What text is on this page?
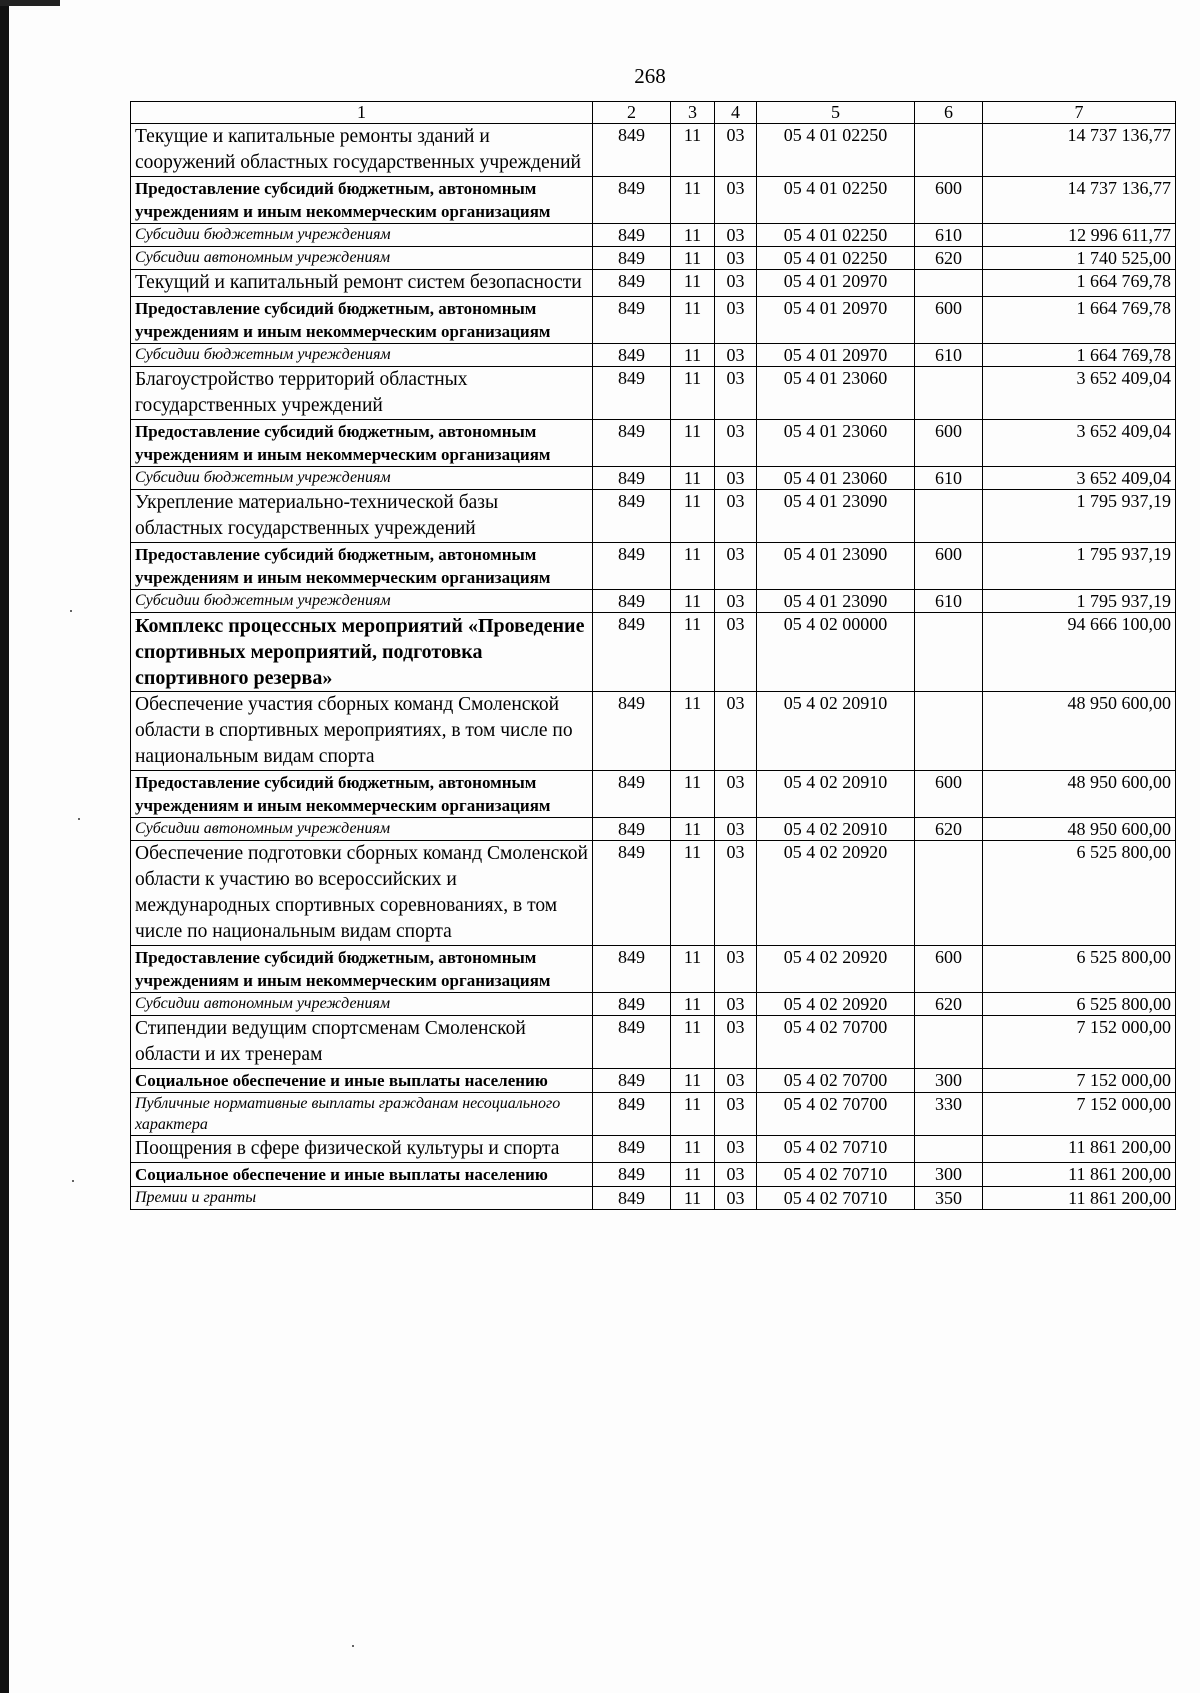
268
1	2	3	4	5	6	7
Текущие и капитальные ремонты зданий и сооружений областных государственных учреждений	849	11	03	05 4 01 02250		14 737 136,77
Предоставление субсидий бюджетным, автономным учреждениям и иным некоммерческим организациям	849	11	03	05 4 01 02250	600	14 737 136,77
Субсидии бюджетным учреждениям	849	11	03	05 4 01 02250	610	12 996 611,77
Субсидии автономным учреждениям	849	11	03	05 4 01 02250	620	1 740 525,00
Текущий и капитальный ремонт систем безопасности	849	11	03	05 4 01 20970		1 664 769,78
Предоставление субсидий бюджетным, автономным учреждениям и иным некоммерческим организациям	849	11	03	05 4 01 20970	600	1 664 769,78
Субсидии бюджетным учреждениям	849	11	03	05 4 01 20970	610	1 664 769,78
Благоустройство территорий областных государственных учреждений	849	11	03	05 4 01 23060		3 652 409,04
Предоставление субсидий бюджетным, автономным учреждениям и иным некоммерческим организациям	849	11	03	05 4 01 23060	600	3 652 409,04
Субсидии бюджетным учреждениям	849	11	03	05 4 01 23060	610	3 652 409,04
Укрепление материально-технической базы областных государственных учреждений	849	11	03	05 4 01 23090		1 795 937,19
Предоставление субсидий бюджетным, автономным учреждениям и иным некоммерческим организациям	849	11	03	05 4 01 23090	600	1 795 937,19
Субсидии бюджетным учреждениям	849	11	03	05 4 01 23090	610	1 795 937,19
Комплекс процессных мероприятий «Проведение спортивных мероприятий, подготовка спортивного резерва»	849	11	03	05 4 02 00000		94 666 100,00
Обеспечение участия сборных команд Смоленской области в спортивных мероприятиях, в том числе по национальным видам спорта	849	11	03	05 4 02 20910		48 950 600,00
Предоставление субсидий бюджетным, автономным учреждениям и иным некоммерческим организациям	849	11	03	05 4 02 20910	600	48 950 600,00
Субсидии автономным учреждениям	849	11	03	05 4 02 20910	620	48 950 600,00
Обеспечение подготовки сборных команд Смоленской области к участию во всероссийских и международных спортивных соревнованиях, в том числе по национальным видам спорта	849	11	03	05 4 02 20920		6 525 800,00
Предоставление субсидий бюджетным, автономным учреждениям и иным некоммерческим организациям	849	11	03	05 4 02 20920	600	6 525 800,00
Субсидии автономным учреждениям	849	11	03	05 4 02 20920	620	6 525 800,00
Стипендии ведущим спортсменам Смоленской области и их тренерам	849	11	03	05 4 02 70700		7 152 000,00
Социальное обеспечение и иные выплаты населению	849	11	03	05 4 02 70700	300	7 152 000,00
Публичные нормативные выплаты гражданам несоциального характера	849	11	03	05 4 02 70700	330	7 152 000,00
Поощрения в сфере физической культуры и спорта	849	11	03	05 4 02 70710		11 861 200,00
Социальное обеспечение и иные выплаты населению	849	11	03	05 4 02 70710	300	11 861 200,00
Премии и гранты	849	11	03	05 4 02 70710	350	11 861 200,00
